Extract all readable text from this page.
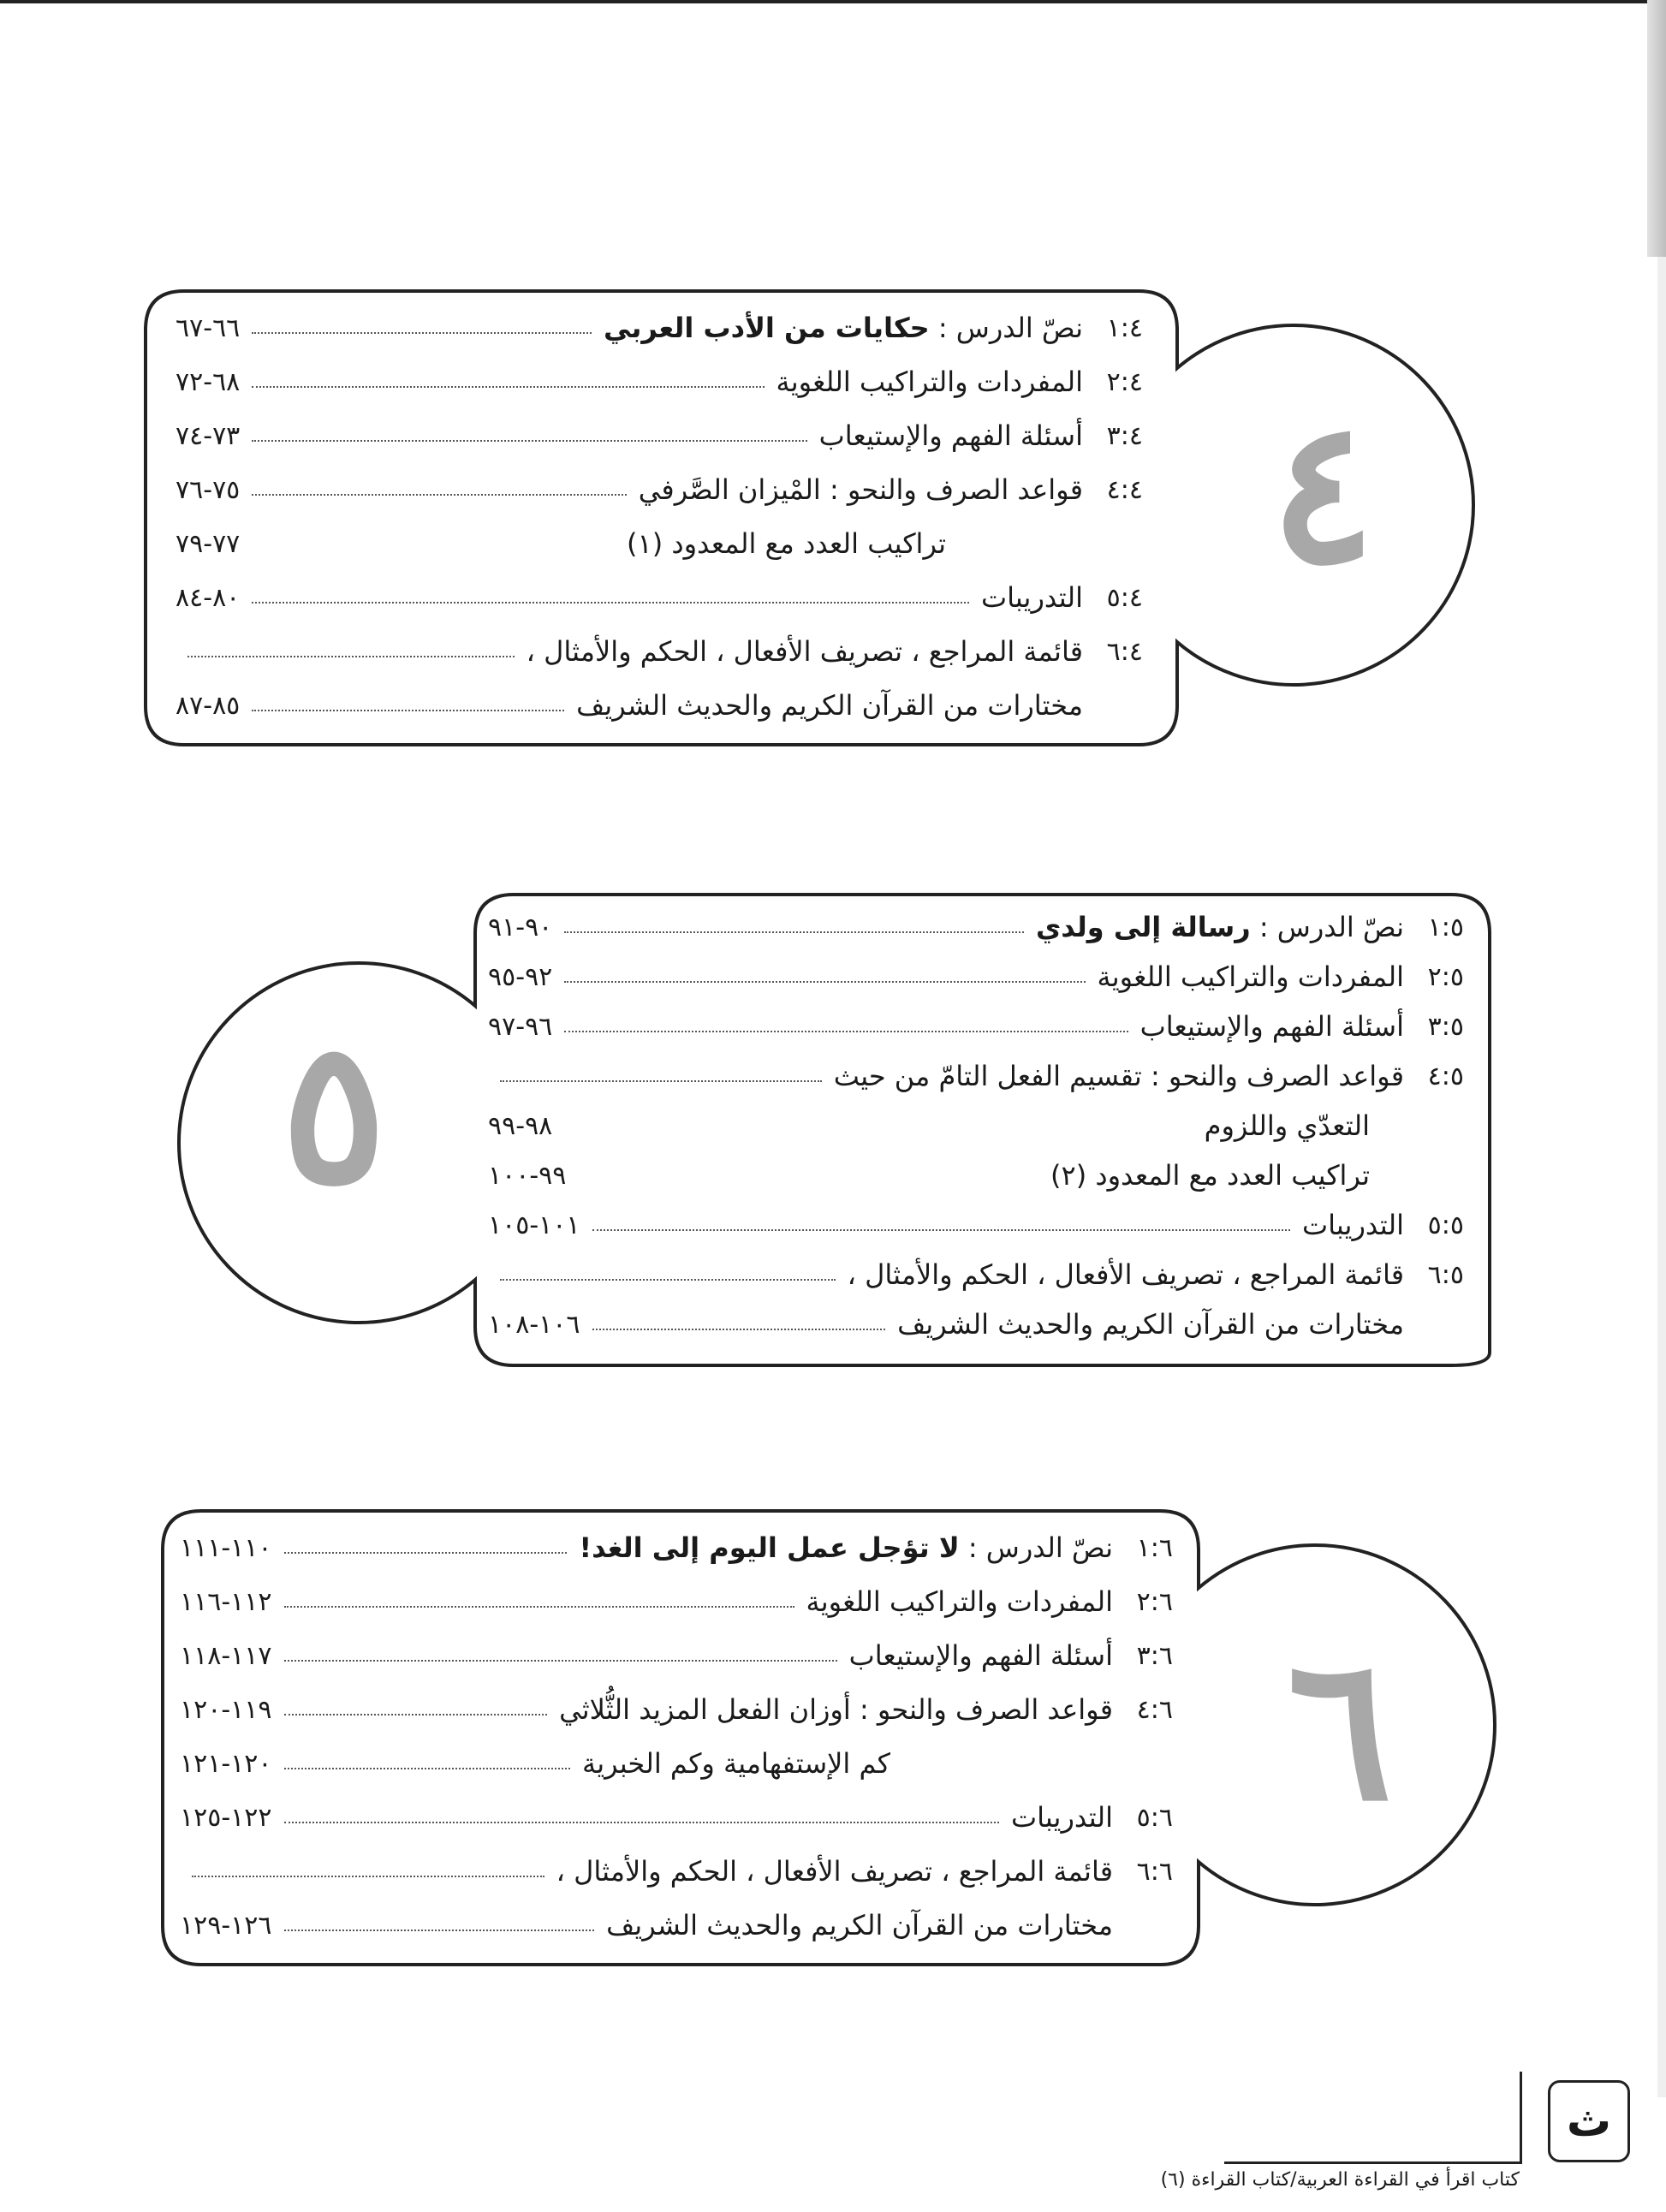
٤
١:٤
نصّ الدرس : حكايات من الأدب العربي
٦٦-٦٧
٢:٤
المفردات والتراكيب اللغوية
٦٨-٧٢
٣:٤
أسئلة الفهم والإستيعاب
٧٣-٧٤
٤:٤
قواعد الصرف والنحو : المْيزان الصَّرفي
٧٥-٧٦
تراكيب العدد مع المعدود (١)
٧٧-٧٩
٥:٤
التدريبات
٨٠-٨٤
٦:٤
قائمة المراجع ، تصريف الأفعال ، الحكم والأمثال ،
مختارات من القرآن الكريم والحديث الشريف
٨٥-٨٧
٥
١:٥
نصّ الدرس : رسالة إلى ولدي
٩٠-٩١
٢:٥
المفردات والتراكيب اللغوية
٩٢-٩٥
٣:٥
أسئلة الفهم والإستيعاب
٩٦-٩٧
٤:٥
قواعد الصرف والنحو : تقسيم الفعل التامّ من حيث
التعدّي واللزوم
٩٨-٩٩
تراكيب العدد مع المعدود (٢)
٩٩-١٠٠
٥:٥
التدريبات
١٠١-١٠٥
٦:٥
قائمة المراجع ، تصريف الأفعال ، الحكم والأمثال ،
مختارات من القرآن الكريم والحديث الشريف
١٠٦-١٠٨
٦
١:٦
نصّ الدرس : لا تؤجل عمل اليوم إلى الغد!
١١٠-١١١
٢:٦
المفردات والتراكيب اللغوية
١١٢-١١٦
٣:٦
أسئلة الفهم والإستيعاب
١١٧-١١٨
٤:٦
قواعد الصرف والنحو : أوزان الفعل المزيد الثُّلاثي
١١٩-١٢٠
كم الإستفهامية وكم الخبرية
١٢٠-١٢١
٥:٦
التدريبات
١٢٢-١٢٥
٦:٦
قائمة المراجع ، تصريف الأفعال ، الحكم والأمثال ،
مختارات من القرآن الكريم والحديث الشريف
١٢٦-١٢٩
ث
كتاب اقرأ في القراءة العربية/كتاب القراءة (٦)
